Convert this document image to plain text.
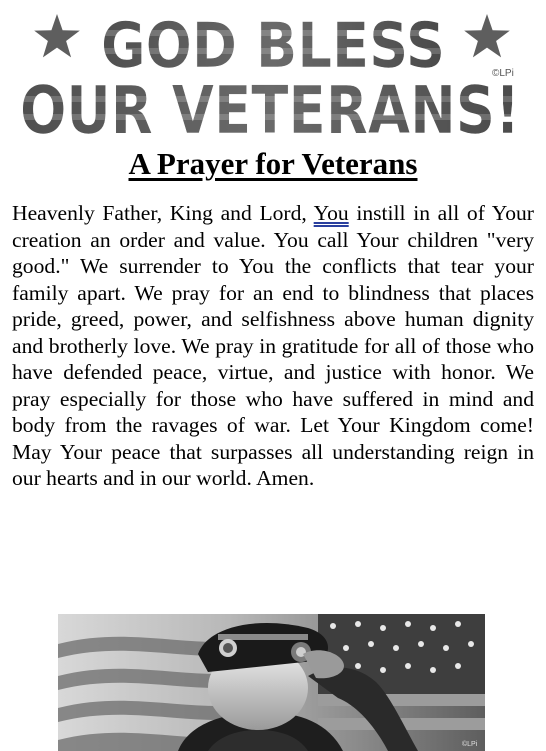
GOD BLESS
OUR VETERANS!
©LPi
A Prayer for Veterans
Heavenly Father, King and Lord, You instill in all of Your creation an order and value. You call Your children "very good." We surrender to You the conflicts that tear your family apart. We pray for an end to blindness that places pride, greed, power, and selfishness above human dignity and brotherly love. We pray in gratitude for all of those who have defended peace, virtue, and justice with honor. We pray especially for those who have suffered in mind and body from the ravages of war. Let Your Kingdom come! May Your peace that surpasses all understanding reign in our hearts and in our world. Amen.
©LPi
